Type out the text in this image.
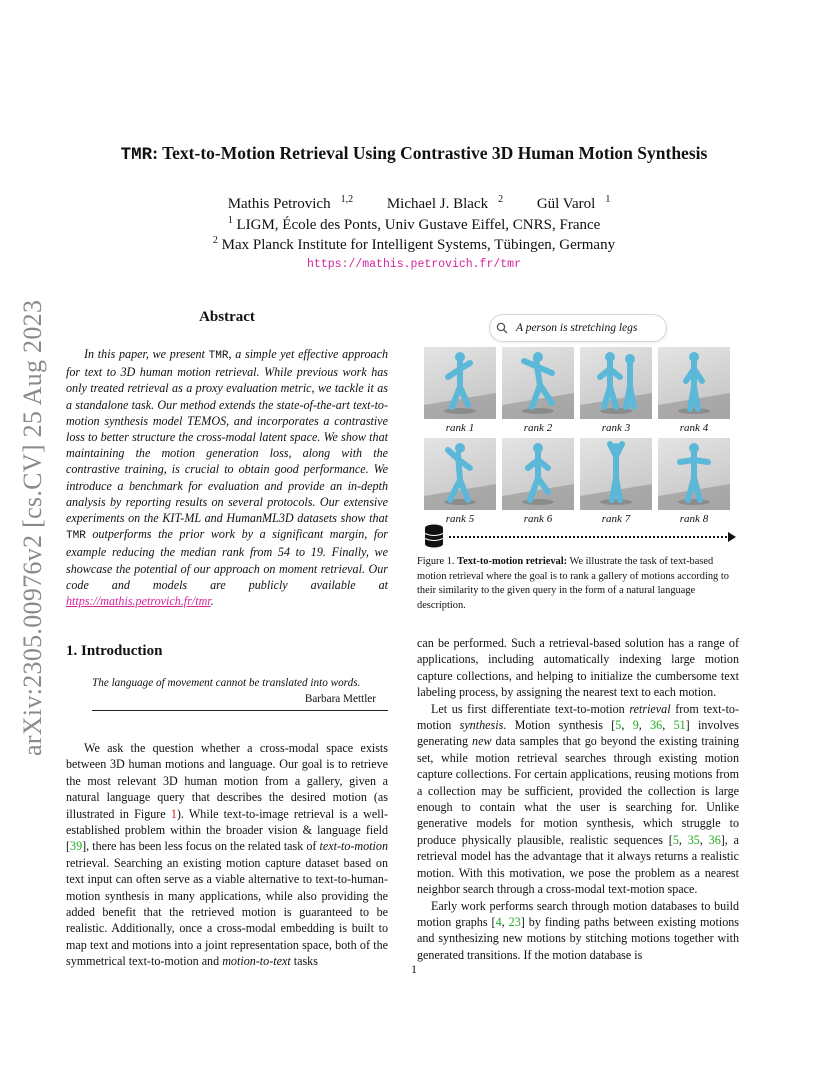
arXiv:2305.00976v2 [cs.CV] 25 Aug 2023
TMR: Text-to-Motion Retrieval Using Contrastive 3D Human Motion Synthesis
Mathis Petrovich $^{1,2}$ Michael J. Black $^2$ Gül Varol $^1$
$^1$ LIGM, École des Ponts, Univ Gustave Eiffel, CNRS, France
$^2$ Max Planck Institute for Intelligent Systems, Tübingen, Germany
https://mathis.petrovich.fr/tmr
Abstract
In this paper, we present TMR, a simple yet effective approach for text to 3D human motion retrieval. While previous work has only treated retrieval as a proxy evaluation metric, we tackle it as a standalone task. Our method extends the state-of-the-art text-to-motion synthesis model TEMOS, and incorporates a contrastive loss to better structure the cross-modal latent space. We show that maintaining the motion generation loss, along with the contrastive training, is crucial to obtain good performance. We introduce a benchmark for evaluation and provide an in-depth analysis by reporting results on several protocols. Our extensive experiments on the KIT-ML and HumanML3D datasets show that TMR outperforms the prior work by a significant margin, for example reducing the median rank from 54 to 19. Finally, we showcase the potential of our approach on moment retrieval. Our code and models are publicly available at https://mathis.petrovich.fr/tmr.
1. Introduction
The language of movement cannot be translated into words.
Barbara Mettler
We ask the question whether a cross-modal space exists between 3D human motions and language. Our goal is to retrieve the most relevant 3D human motion from a gallery, given a natural language query that describes the desired motion (as illustrated in Figure 1). While text-to-image retrieval is a well-established problem within the broader vision & language field [39], there has been less focus on the related task of text-to-motion retrieval. Searching an existing motion capture dataset based on text input can often serve as a viable alternative to text-to-human-motion synthesis in many applications, while also providing the added benefit that the retrieved motion is guaranteed to be realistic. Additionally, once a cross-modal embedding is built to map text and motions into a joint representation space, both of the symmetrical text-to-motion and motion-to-text tasks
A person is stretching legs
rank 1	rank 2	rank 3	rank 4
rank 5	rank 6	rank 7	rank 8
Figure 1. Text-to-motion retrieval: We illustrate the task of text-based motion retrieval where the goal is to rank a gallery of motions according to their similarity to the given query in the form of a natural language description.

can be performed. Such a retrieval-based solution has a range of applications, including automatically indexing large motion capture collections, and helping to initialize the cumbersome text labeling process, by assigning the nearest text to each motion.

Let us first differentiate text-to-motion retrieval from text-to-motion synthesis. Motion synthesis [5, 9, 36, 51] involves generating new data samples that go beyond the existing training set, while motion retrieval searches through existing motion capture collections. For certain applications, reusing motions from a collection may be sufficient, provided the collection is large enough to contain what the user is searching for. Unlike generative models for motion synthesis, which struggle to produce physically plausible, realistic sequences [5, 35, 36], a retrieval model has the advantage that it always returns a realistic motion. With this motivation, we pose the problem as a nearest neighbor search through a cross-modal text-motion space.

Early work performs search through motion databases to build motion graphs [4, 23] by finding paths between existing motions and synthesizing new motions by stitching motions together with generated transitions. If the motion database is

1
